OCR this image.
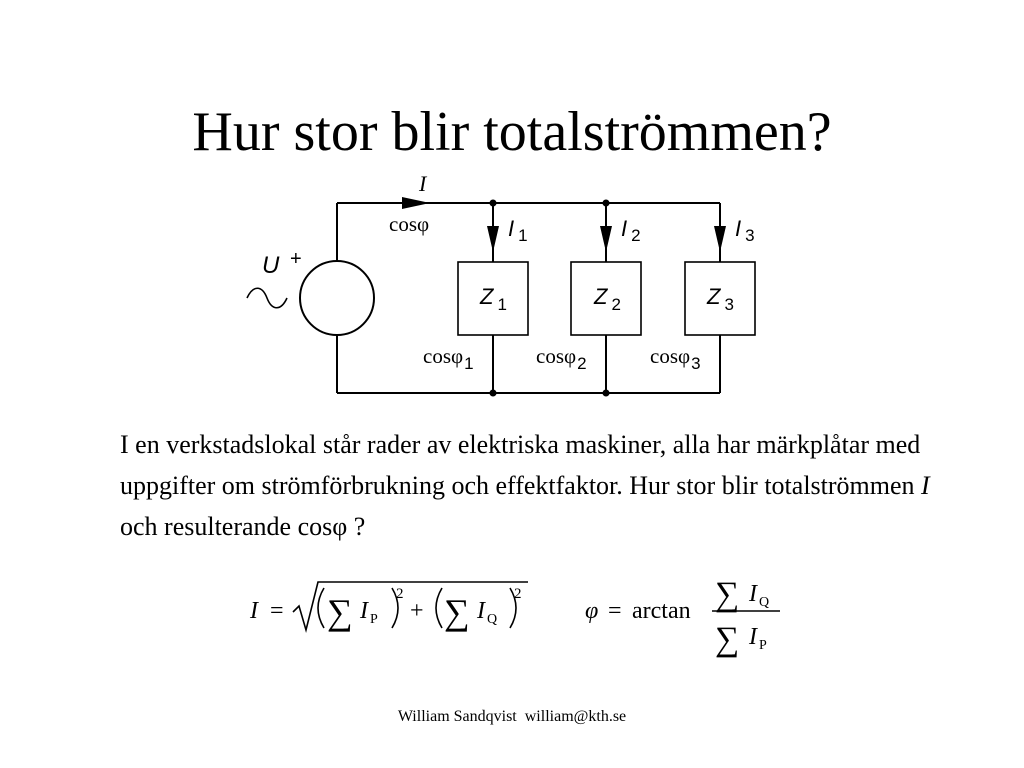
Hur stor blir totalströmmen?
U +
I
cosφ	I $_1$
Z $_1$
cosφ$_1$
I $_2$
Z $_2$
cosφ$_2$
I $_3$
Z $_3$
cosφ$_3$

I en verkstadslokal står rader av elektriska maskiner, alla har märkplåtar med uppgifter om strömförbrukning och effektfaktor. Hur stor blir totalströmmen I och resulterande cosφ ?

I = ∑ I $_P$
2
+ ∑ I $_Q$
2
φ = arctan ∑ I $_Q$
∑ I $_P$
William Sandqvist  william@kth.se
